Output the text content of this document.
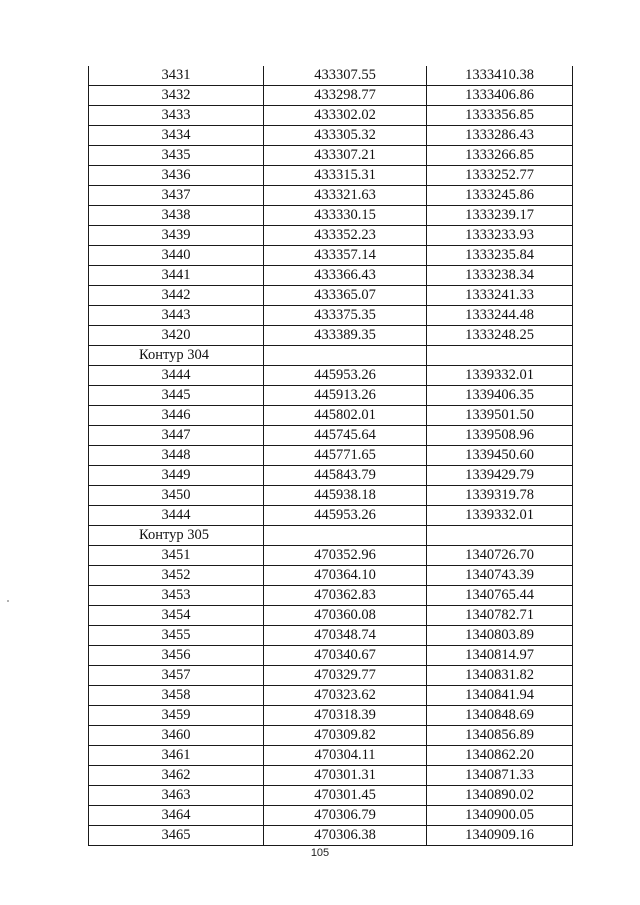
3431	433307.55	1333410.38
3432	433298.77	1333406.86
3433	433302.02	1333356.85
3434	433305.32	1333286.43
3435	433307.21	1333266.85
3436	433315.31	1333252.77
3437	433321.63	1333245.86
3438	433330.15	1333239.17
3439	433352.23	1333233.93
3440	433357.14	1333235.84
3441	433366.43	1333238.34
3442	433365.07	1333241.33
3443	433375.35	1333244.48
3420	433389.35	1333248.25
Контур 304		
3444	445953.26	1339332.01
3445	445913.26	1339406.35
3446	445802.01	1339501.50
3447	445745.64	1339508.96
3448	445771.65	1339450.60
3449	445843.79	1339429.79
3450	445938.18	1339319.78
3444	445953.26	1339332.01
Контур 305		
3451	470352.96	1340726.70
3452	470364.10	1340743.39
3453	470362.83	1340765.44
3454	470360.08	1340782.71
3455	470348.74	1340803.89
3456	470340.67	1340814.97
3457	470329.77	1340831.82
3458	470323.62	1340841.94
3459	470318.39	1340848.69
3460	470309.82	1340856.89
3461	470304.11	1340862.20
3462	470301.31	1340871.33
3463	470301.45	1340890.02
3464	470306.79	1340900.05
3465	470306.38	1340909.16
105
